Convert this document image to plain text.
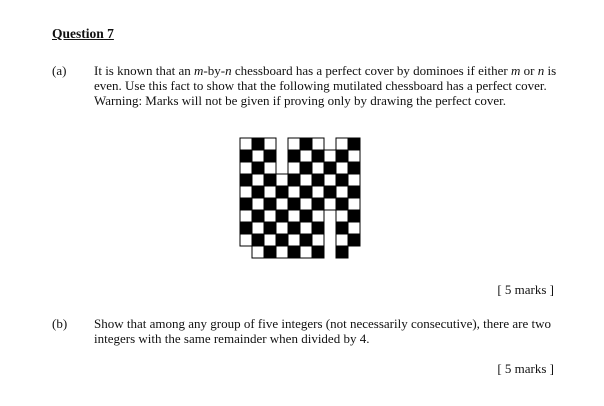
Question 7
(a) It is known that an m-by-n chessboard has a perfect cover by dominoes if either m or n is even. Use this fact to show that the following mutilated chessboard has a perfect cover.
Warning: Marks will not be given if proving only by drawing the perfect cover.
[ 5 marks ]
(b) Show that among any group of five integers (not necessarily consecutive), there are two integers with the same remainder when divided by 4.
[ 5 marks ]
